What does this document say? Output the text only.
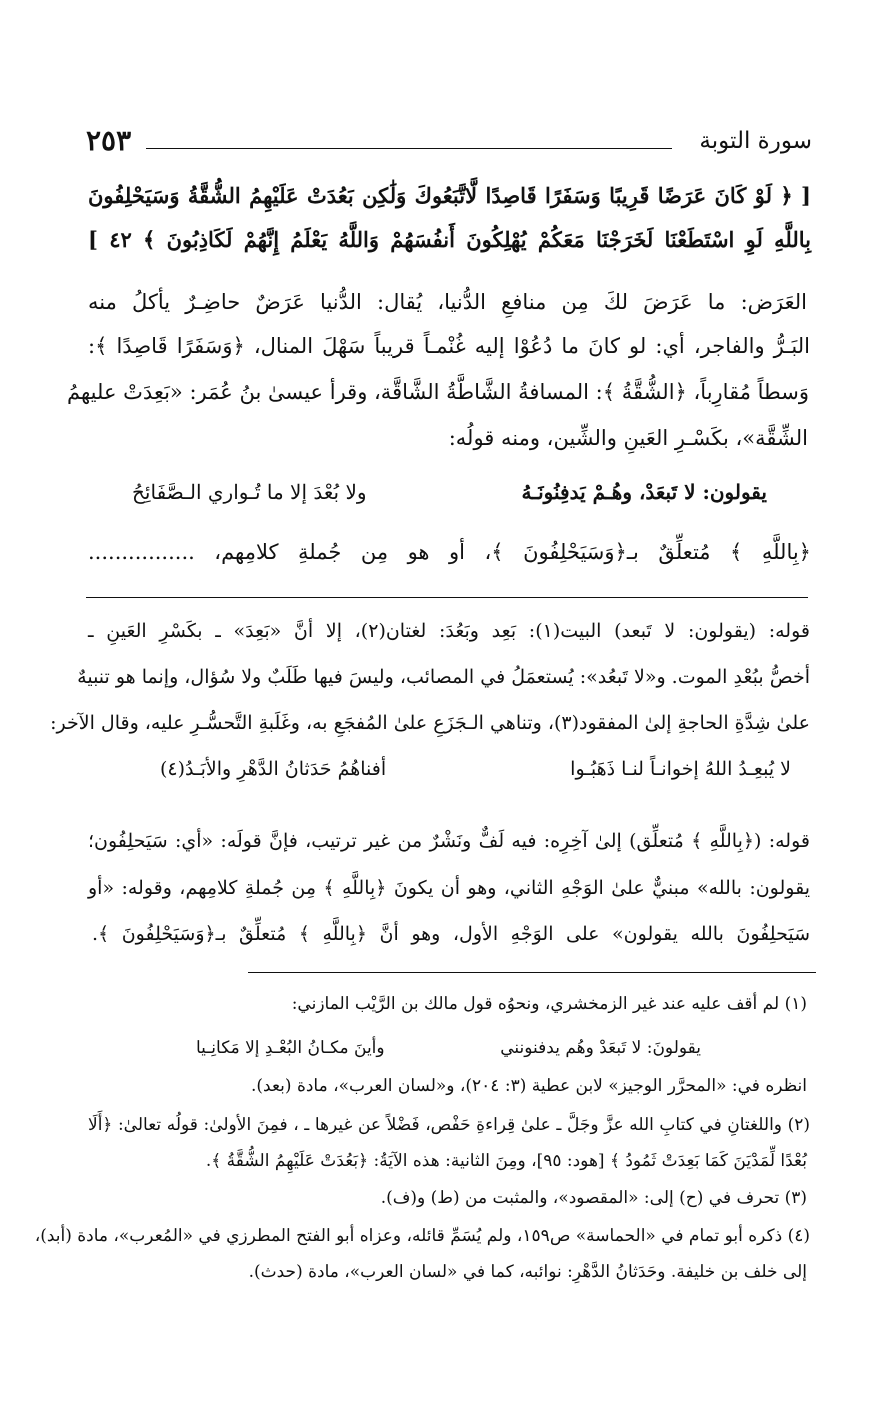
سورة التوبة
٢٥٣
[ ﴿ لَوْ كَانَ عَرَضًا قَرِيبًا وَسَفَرًا قَاصِدًا لَّاتَّبَعُوكَ وَلَٰكِن بَعُدَتْ عَلَيْهِمُ الشُّقَّةُ وَسَيَحْلِفُونَ
بِاللَّهِ لَوِ اسْتَطَعْنَا لَخَرَجْنَا مَعَكُمْ يُهْلِكُونَ أَنفُسَهُمْ وَاللَّهُ يَعْلَمُ إِنَّهُمْ لَكَاذِبُونَ ﴾ ٤٢ ]
العَرَض: ما عَرَضَ لكَ مِن منافعِ الدُّنيا، يُقال: الدُّنيا عَرَضٌ حاضِـرٌ يأكلُ منه
البَـرُّ والفاجر، أي: لو كانَ ما دُعُوْا إليه غُنْمـاً قريباً سَهْلَ المنال، ﴿وَسَفَرًا قَاصِدًا ﴾:
وَسطاً مُقارِباً، ﴿الشُّقَّةُ ﴾: المسافةُ الشَّاطَّةُ الشَّاقَّة، وقرأ عيسىٰ بنُ عُمَر: «بَعِدَتْ عليهمُ
الشِّقَّة»، بكَسْـرِ العَينِ والشِّين، ومنه قولُه:
يقولون: لا تَبعَدْ، وهُـمْ يَدفِنُونَـهُ
ولا بُعْدَ إلا ما تُـواري الـصَّفَائِحُ
﴿بِاللَّهِ ﴾ مُتعلِّقٌ بـ﴿وَسَيَحْلِفُونَ ﴾، أو هو مِن جُملةِ كلامِهم، ................
قوله: (يقولون: لا تَبعد) البيت(١): بَعِد وبَعُدَ: لغتان(٢)، إلا أنَّ «بَعِدَ» ـ بكَسْرِ العَينِ ـ
أخصُّ ببُعْدِ الموت. و«لا تَبعُد»: يُستعمَلُ في المصائب، وليسَ فيها طَلَبٌ ولا سُؤال، وإنما هو تنبيهٌ
علىٰ شِدَّةِ الحاجةِ إلىٰ المفقود(٣)، وتناهي الـجَزَعِ علىٰ المُفجَعِ به، وغَلَبةِ التَّحسُّـرِ عليه، وقال الآخر:
لا يُبعِـدُ اللهُ إخوانـاً لنـا ذَهَبُـوا
أفناهُمُ حَدَثانُ الدَّهْرِ والأبَـدُ(٤)
قوله: (﴿بِاللَّهِ ﴾ مُتعلِّق) إلىٰ آخِرِه: فيه لَفٌّ ونَشْرٌ من غير ترتيب، فإنَّ قولَه: «أي: سَيَحلِفُون؛
يقولون: بالله» مبنيٌّ علىٰ الوَجْهِ الثاني، وهو أن يكونَ ﴿بِاللَّهِ ﴾ مِن جُملةِ كلامِهم، وقوله: «أو
سَيَحلِفُونَ بالله يقولون» على الوَجْهِ الأول، وهو أنَّ ﴿بِاللَّهِ ﴾ مُتعلِّقٌ بـ﴿وَسَيَحْلِفُونَ ﴾.
(١) لم أقف عليه عند غير الزمخشري، ونحوُه قول مالك بن الرَّيْب المازني:
يقولونَ: لا تَبعَدْ وهُم يدفنونني
وأينَ مكـانُ البُعْـدِ إلا مَكانِـيا
انظره في: «المحرَّر الوجيز» لابن عطية (٣: ٢٠٤)، و«لسان العرب»، مادة (بعد).
(٢) واللغتانِ في كتابِ الله عزَّ وجَلَّ ـ علىٰ قِراءةِ حَفْص، فَضْلاً عن غيرها ـ ، فمِنَ الأولىٰ: قولُه تعالىٰ: ﴿أَلَا
بُعْدًا لِّمَدْيَنَ كَمَا بَعِدَتْ ثَمُودُ ﴾ [هود: ٩٥]، ومِنَ الثانية: هذه الآيَةُ: ﴿بَعُدَتْ عَلَيْهِمُ الشُّقَّةُ ﴾.
(٣) تحرف في (ح) إلى: «المقصود»، والمثبت من (ط) و(ف).
(٤) ذكره أبو تمام في «الحماسة» ص١٥٩، ولم يُسَمِّ قائله، وعزاه أبو الفتح المطرزي في «المُعرب»، مادة (أبد)،
إلى خلف بن خليفة. وحَدَثانُ الدَّهْرِ: نوائبه، كما في «لسان العرب»، مادة (حدث).
